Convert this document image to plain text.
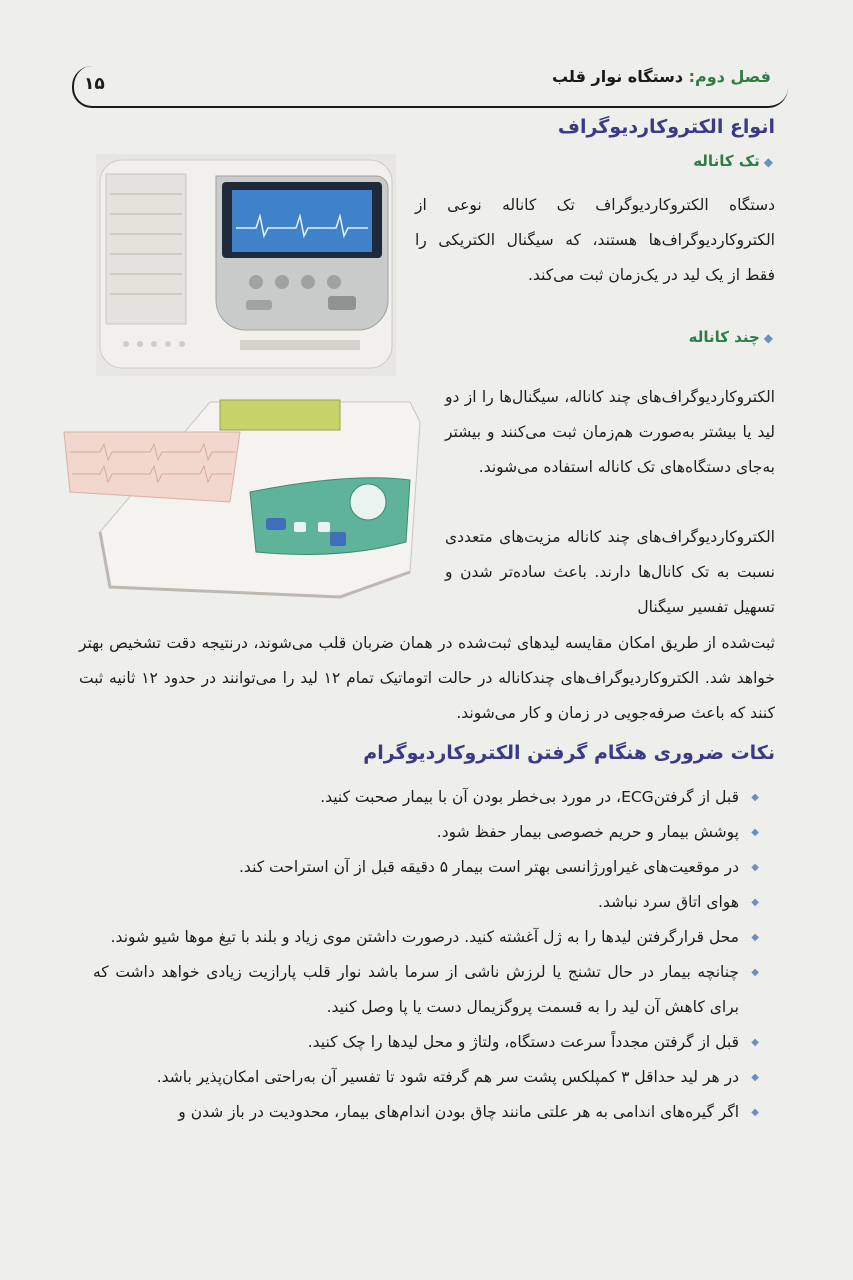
۱۵	فصل دوم: دستگاه نوار قلب
انواع الکتروکاردیوگراف
◆تک کاناله
دستگاه الکتروکاردیوگراف تک کاناله نوعی از الکتروکاردیوگراف‌ها هستند، که سیگنال الکتریکی را فقط از یک لید در یک‌زمان ثبت می‌کند.
◆چند کاناله
الکتروکاردیوگراف‌های چند کاناله، سیگنال‌ها را از دو لید یا بیشتر به‌صورت هم‌زمان ثبت می‌کنند و بیشتر به‌جای دستگاه‌های تک کاناله استفاده می‌شوند.
الکتروکاردیوگراف‌های چند کاناله مزیت‌های متعددی نسبت به تک کانال‌ها دارند. باعث ساده‌تر شدن و تسهیل تفسیر سیگنال
ثبت‌شده از طریق امکان مقایسه لیدهای ثبت‌شده در همان ضربان قلب می‌شوند، درنتیجه دقت تشخیص بهتر خواهد شد. الکتروکاردیوگراف‌های چندکاناله در حالت اتوماتیک تمام ۱۲ لید را می‌توانند در حدود ۱۲ ثانیه ثبت کنند که باعث صرفه‌جویی در زمان و کار می‌شوند.
نکات ضروری هنگام گرفتن الکتروکاردیوگرام
◆ قبل از گرفتن‌ECG، در مورد بی‌خطر بودن آن با بیمار صحبت کنید.
◆ پوشش بیمار و حریم خصوصی بیمار حفظ شود.
◆ در موقعیت‌های غیراورژانسی بهتر است بیمار ۵ دقیقه قبل از آن استراحت کند.
◆ هوای اتاق سرد نباشد.
◆ محل قرارگرفتن لیدها را به ژل آغشته کنید. درصورت داشتن موی زیاد و بلند با تیغ موها شیو شوند.
◆ چنانچه بیمار در حال تشنج یا لرزش ناشی از سرما باشد نوار قلب پارازیت زیادی خواهد داشت که برای کاهش آن لید را به قسمت پروگزیمال دست یا پا وصل کنید.
◆ قبل از گرفتن مجدداً سرعت دستگاه، ولتاژ و محل لیدها را چک کنید.
◆ در هر لید حداقل ۳ کمپلکس پشت سر هم گرفته شود تا تفسیر آن به‌راحتی امکان‌پذیر باشد.
◆ اگر گیره‌های اندامی به هر علتی مانند چاق بودن اندام‌های بیمار، محدودیت در باز شدن و
